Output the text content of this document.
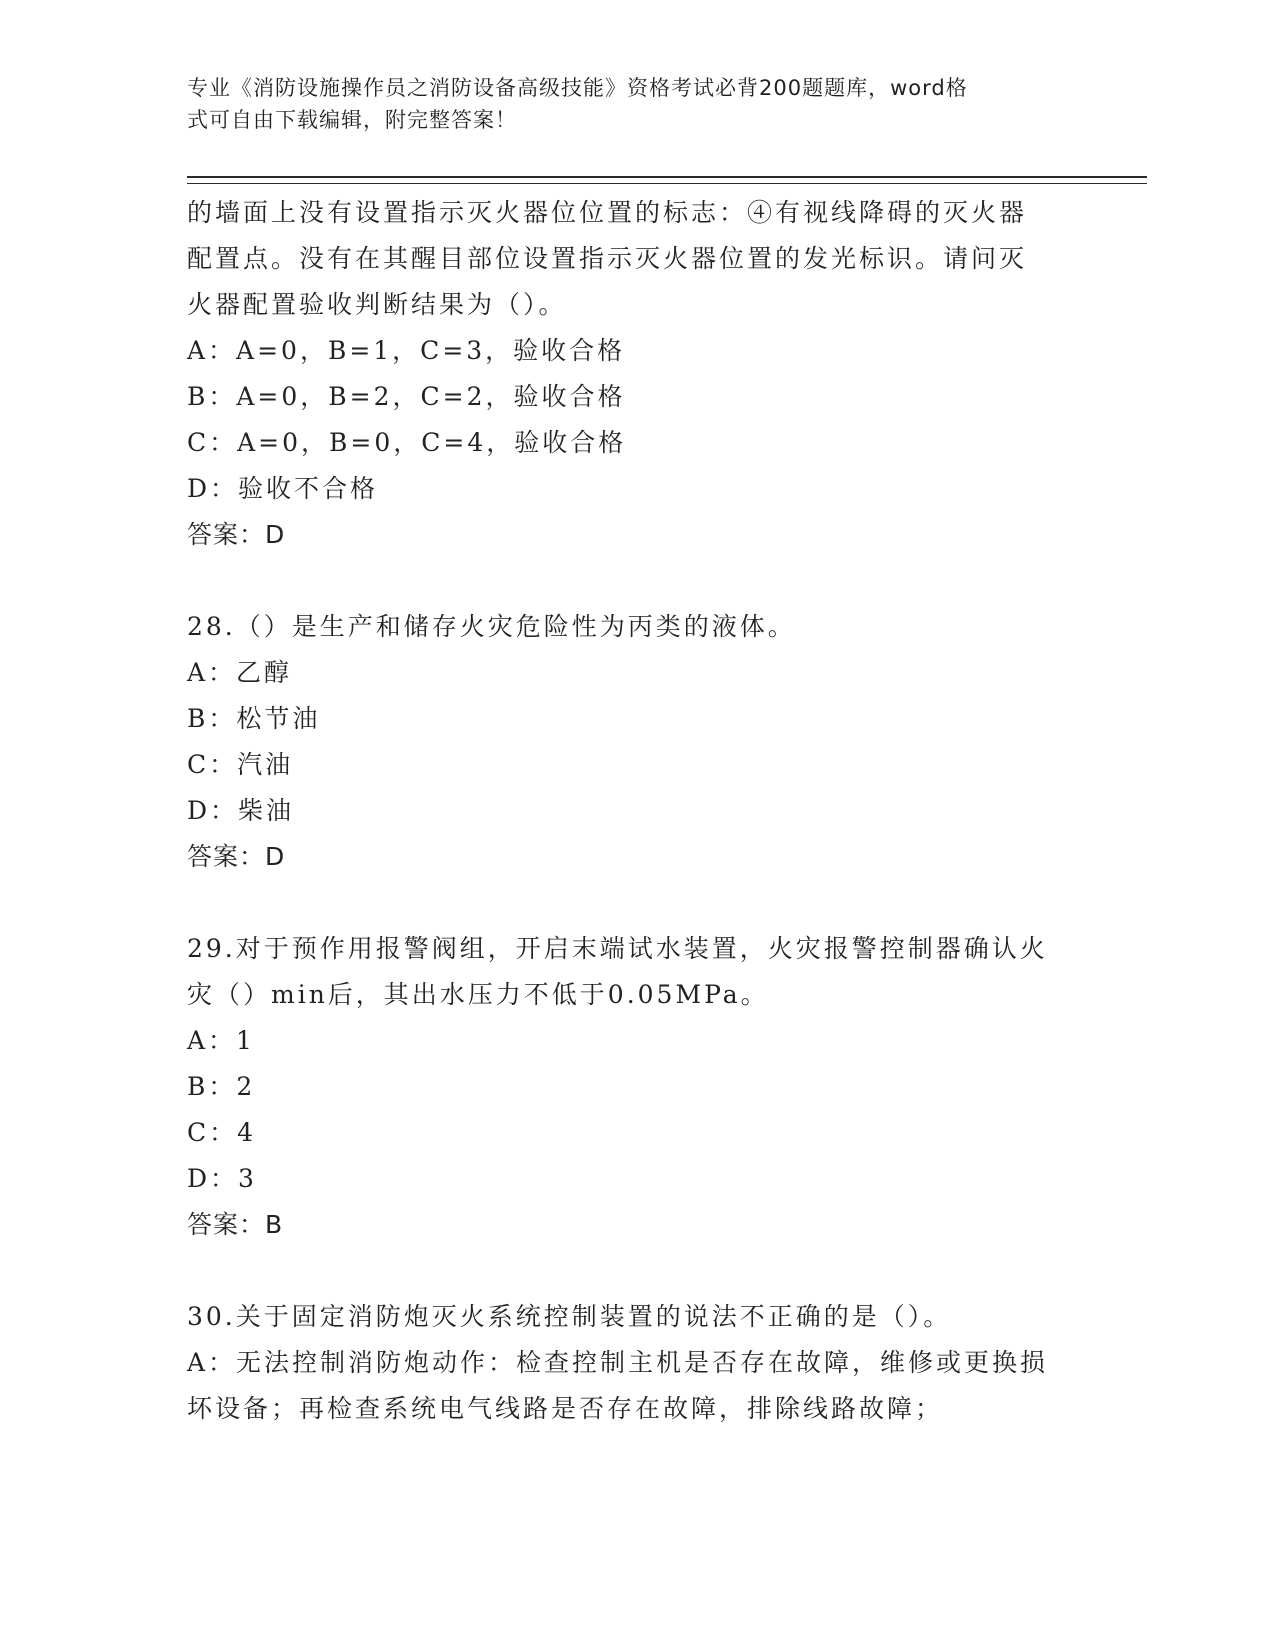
专业《消防设施操作员之消防设备高级技能》资格考试必背200题题库，word格
式可自由下载编辑，附完整答案！
的墙面上没有设置指示灭火器位位置的标志：④有视线降碍的灭火器
配置点。没有在其醒目部位设置指示灭火器位置的发光标识。请问灭
火器配置验收判断结果为（）。
A：A=0，B=1，C=3，验收合格
B：A=0，B=2，C=2，验收合格
C：A=0，B=0，C=4，验收合格
D：验收不合格
答案：D
28.（）是生产和储存火灾危险性为丙类的液体。
A：乙醇
B：松节油
C：汽油
D：柴油
答案：D
29.对于预作用报警阀组，开启末端试水装置，火灾报警控制器确认火
灾（）min后，其出水压力不低于0.05MPa。
A：1
B：2
C：4
D：3
答案：B
30.关于固定消防炮灭火系统控制装置的说法不正确的是（）。
A：无法控制消防炮动作：检查控制主机是否存在故障，维修或更换损
坏设备；再检查系统电气线路是否存在故障，排除线路故障；
